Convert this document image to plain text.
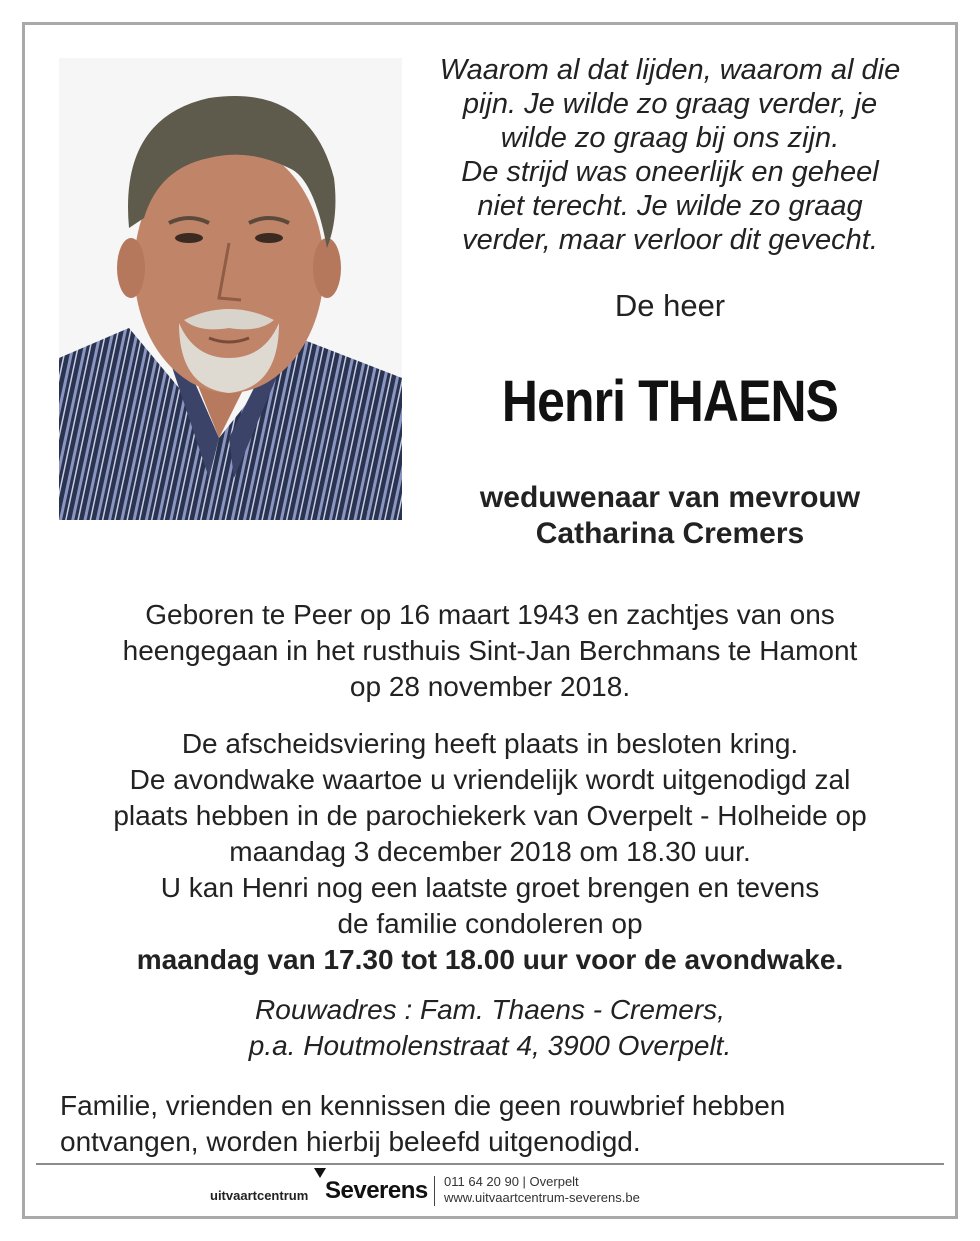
Waarom al dat lijden, waarom al die
pijn. Je wilde zo graag verder, je
wilde zo graag bij ons zijn.
De strijd was oneerlijk en geheel
niet terecht. Je wilde zo graag
verder, maar verloor dit gevecht.
De heer
Henri THAENS
weduwenaar van mevrouw
Catharina Cremers
Geboren te Peer op 16 maart 1943 en zachtjes van ons
heengegaan in het rusthuis Sint-Jan Berchmans te Hamont
op 28 november 2018.
De afscheidsviering heeft plaats in besloten kring.
De avondwake waartoe u vriendelijk wordt uitgenodigd zal
plaats hebben in de parochiekerk van Overpelt - Holheide op
maandag 3 december 2018 om 18.30 uur.
U kan Henri nog een laatste groet brengen en tevens
de familie condoleren op
maandag van 17.30 tot 18.00 uur voor de avondwake.
Rouwadres : Fam. Thaens - Cremers,
p.a. Houtmolenstraat 4, 3900 Overpelt.
Familie, vrienden en kennissen die geen rouwbrief hebben
ontvangen, worden hierbij beleefd uitgenodigd.
uitvaartcentrum Severens 011 64 20 90 | Overpelt
www.uitvaartcentrum-severens.be
